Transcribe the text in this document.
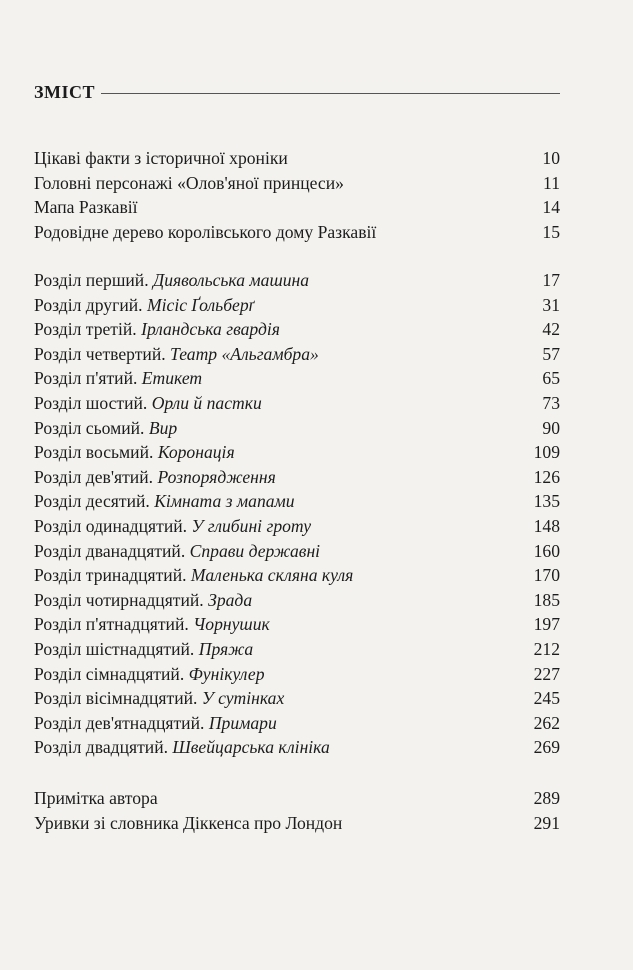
ЗМІСТ
Цікаві факти з історичної хроніки	10
Головні персонажі «Олов'яної принцеси»	11
Мапа Разкавії	14
Родовідне дерево королівського дому Разкавії	15
Розділ перший. Диявольська машина	17
Розділ другий. Місіс Ґольберґ	31
Розділ третій. Ірландська гвардія	42
Розділ четвертий. Театр «Альгамбра»	57
Розділ п'ятий. Етикет	65
Розділ шостий. Орли й пастки	73
Розділ сьомий. Вир	90
Розділ восьмий. Коронація	109
Розділ дев'ятий. Розпорядження	126
Розділ десятий. Кімната з мапами	135
Розділ одинадцятий. У глибині гроту	148
Розділ дванадцятий. Справи державні	160
Розділ тринадцятий. Маленька скляна куля	170
Розділ чотирнадцятий. Зрада	185
Розділ п'ятнадцятий. Чорнушик	197
Розділ шістнадцятий. Пряжа	212
Розділ сімнадцятий. Фунікулер	227
Розділ вісімнадцятий. У сутінках	245
Розділ дев'ятнадцятий. Примари	262
Розділ двадцятий. Швейцарська клініка	269
Примітка автора	289
Уривки зі словника Діккенса про Лондон	291
